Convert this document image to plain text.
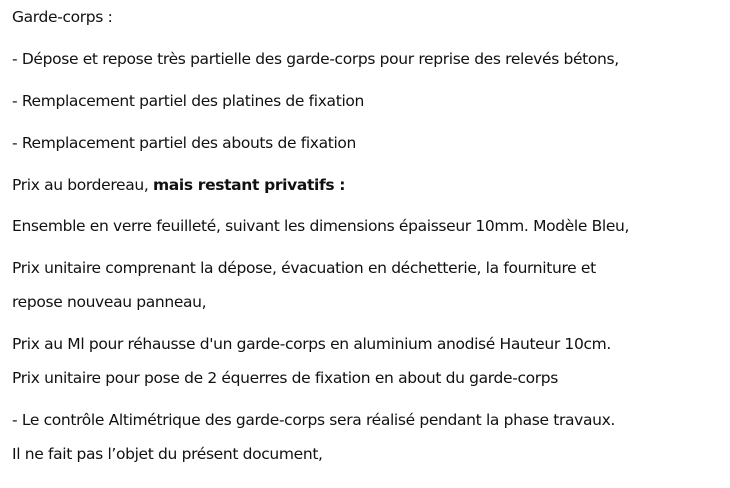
Garde-corps :
- Dépose et repose très partielle des garde-corps pour reprise des relevés bétons,
- Remplacement partiel des platines de fixation
- Remplacement partiel des abouts de fixation
Prix au bordereau, mais restant privatifs :
Ensemble en verre feuilleté, suivant les dimensions épaisseur 10mm. Modèle Bleu,
Prix unitaire comprenant la dépose, évacuation en déchetterie, la fourniture et
repose nouveau panneau,
Prix au Ml pour réhausse d'un garde-corps en aluminium anodisé Hauteur 10cm.
Prix unitaire pour pose de 2 équerres de fixation en about du garde-corps
- Le contrôle Altimétrique des garde-corps sera réalisé pendant la phase travaux.
Il ne fait pas l’objet du présent document,
